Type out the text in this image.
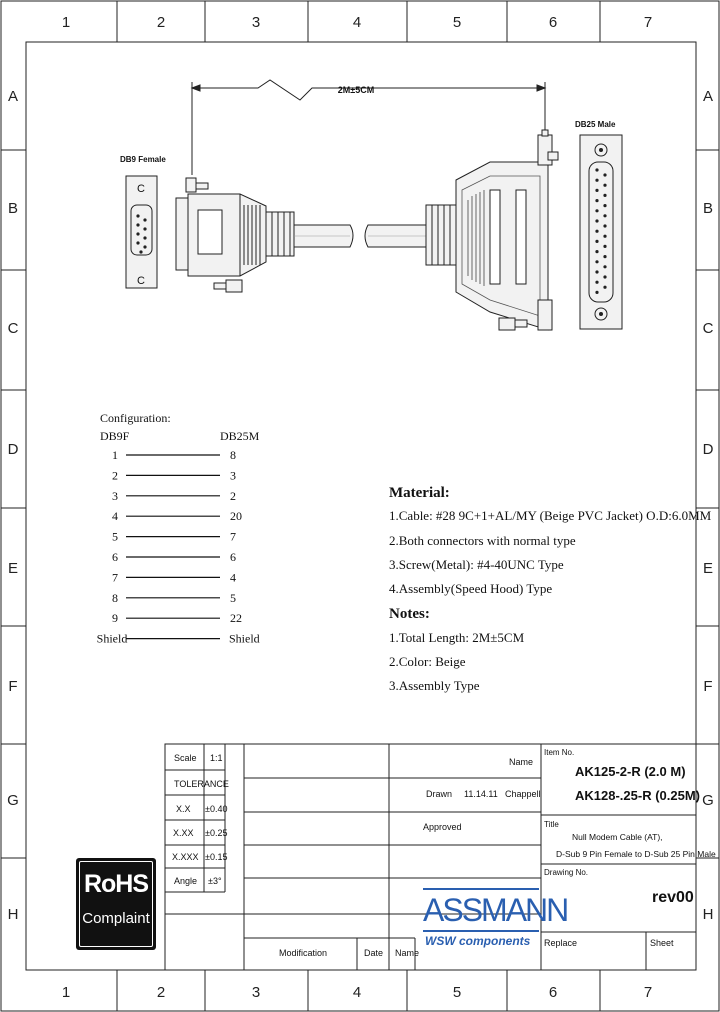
1	2	3	4	5	6	7
1	2	3	4	5	6	7
A
B
C
D
E
F
G
H
A
B
C
D
E
F
G
H
2M±5CM
DB9 Female
C
C
DB25 Male
Configuration:
DB9F	DB25M
1	8
2	3
3	2
4	20
5	7
6	6
7	4
8	5
9	22
Shield	Shield
Material:
1.Cable: #28 9C+1+AL/MY (Beige PVC Jacket) O.D:6.0MM
2.Both connectors with normal type
3.Screw(Metal): #4-40UNC Type
4.Assembly(Speed Hood) Type
Notes:
1.Total Length: 2M±5CM
2.Color: Beige
3.Assembly Type
Scale 1:1
TOLERANCE
X.X ±0.40
X.XX ±0.25
X.XXX ±0.15
Angle ±3°
Name
Drawn 11.14.11 Chappell
Approved
Modification	Date Name
Item No.
AK125-2-R (2.0 M)
AK128-.25-R (0.25M)
Title
Null Modem Cable (AT),
D-Sub 9 Pin Female to D-Sub 25 Pin Male
Drawing No.
rev00
Replace	Sheet
RoHS
Complaint	ASSMANN
WSW components
